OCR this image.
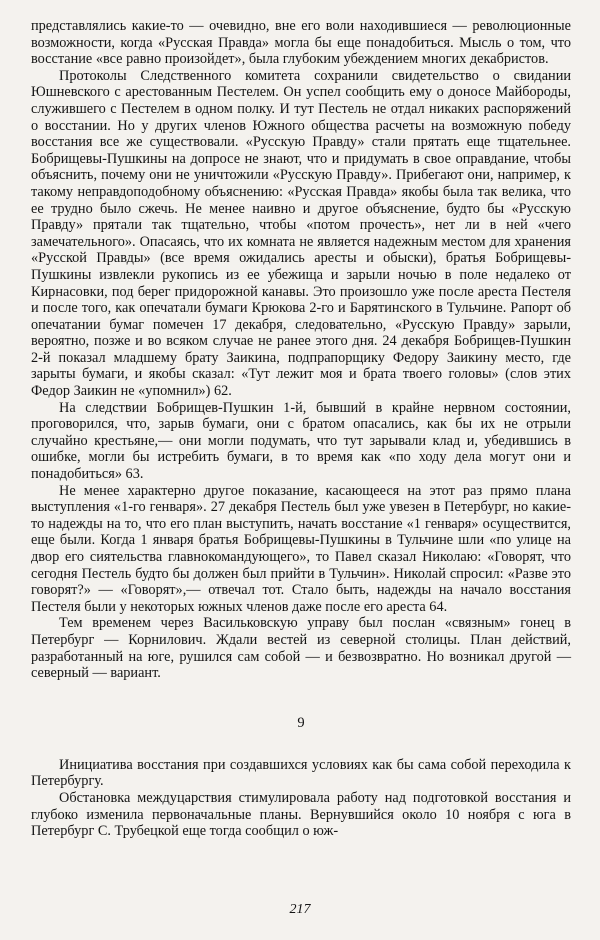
представлялись какие-то — очевидно, вне его воли находившиеся — революционные возможности, когда «Русская Правда» могла бы еще понадобиться. Мысль о том, что восстание «все равно произойдет», была глубоким убеждением многих декабристов.

Протоколы Следственного комитета сохранили свидетельство о свидании Юшневского с арестованным Пестелем. Он успел сообщить ему о доносе Майбороды, служившего с Пестелем в одном полку. И тут Пестель не отдал никаких распоряжений о восстании. Но у других членов Южного общества расчеты на возможную победу восстания все же существовали. «Русскую Правду» стали прятать еще тщательнее. Бобрищевы-Пушкины на допросе не знают, что и придумать в свое оправдание, чтобы объяснить, почему они не уничтожили «Русскую Правду». Прибегают они, например, к такому неправдоподобному объяснению: «Русская Правда» якобы была так велика, что ее трудно было сжечь. Не менее наивно и другое объяснение, будто бы «Русскую Правду» прятали так тщательно, чтобы «потом прочесть», нет ли в ней «чего замечательного». Опасаясь, что их комната не является надежным местом для хранения «Русской Правды» (все время ожидались аресты и обыски), братья Бобрищевы-Пушкины извлекли рукопись из ее убежища и зарыли ночью в поле недалеко от Кирнасовки, под берег придорожной канавы. Это произошло уже после ареста Пестеля и после того, как опечатали бумаги Крюкова 2-го и Барятинского в Тульчине. Рапорт об опечатании бумаг помечен 17 декабря, следовательно, «Русскую Правду» зарыли, вероятно, позже и во всяком случае не ранее этого дня. 24 декабря Бобрищев-Пушкин 2-й показал младшему брату Заикина, подпрапорщику Федору Заикину место, где зарыты бумаги, и якобы сказал: «Тут лежит моя и брата твоего головы» (слов этих Федор Заикин не «упомнил») 62.

На следствии Бобрищев-Пушкин 1-й, бывший в крайне нервном состоянии, проговорился, что, зарыв бумаги, они с братом опасались, как бы их не отрыли случайно крестьяне,— они могли подумать, что тут зарывали клад и, убедившись в ошибке, могли бы истребить бумаги, в то время как «по ходу дела могут они и понадобиться» 63.

Не менее характерно другое показание, касающееся на этот раз прямо плана выступления «1-го генваря». 27 декабря Пестель был уже увезен в Петербург, но какие-то надежды на то, что его план выступить, начать восстание «1 генваря» осуществится, еще были. Когда 1 января братья Бобрищевы-Пушкины в Тульчине шли «по улице на двор его сиятельства главнокомандующего», то Павел сказал Николаю: «Говорят, что сегодня Пестель будто бы должен был прийти в Тульчин». Николай спросил: «Разве это говорят?» — «Говорят»,— отвечал тот. Стало быть, надежды на начало восстания Пестеля были у некоторых южных членов даже после его ареста 64.

Тем временем через Васильковскую управу был послан «связным» гонец в Петербург — Корнилович. Ждали вестей из северной столицы. План действий, разработанный на юге, рушился сам собой — и безвозвратно. Но возникал другой — северный — вариант.

9

Инициатива восстания при создавшихся условиях как бы сама собой переходила к Петербургу.

Обстановка междуцарствия стимулировала работу над подготовкой восстания и глубоко изменила первоначальные планы. Вернувшийся около 10 ноября с юга в Петербург С. Трубецкой еще тогда сообщил о юж-

217
